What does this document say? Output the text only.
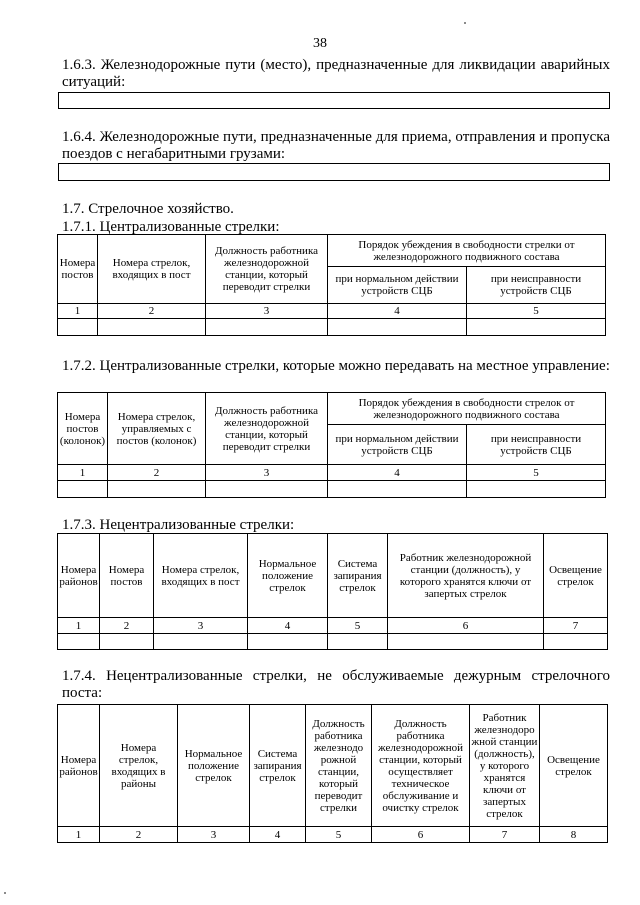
38
1.6.3. Железнодорожные пути (место), предназначенные для ликвидации аварийных ситуаций:
1.6.4. Железнодорожные пути, предназначенные для приема, отправления и пропуска поездов с негабаритными грузами:
1.7. Стрелочное хозяйство.
1.7.1. Централизованные стрелки:
Номера постов	Номера стрелок, входящих в пост	Должность работника железнодорожной станции, который переводит стрелки	Порядок убеждения в свободности стрелки от железнодорожного подвижного состава	
			при нормальном действии устройств СЦБ	при неисправности устройств СЦБ
1	2	3	4	5

1.7.2. Централизованные стрелки, которые можно передавать на местное управление:
Номера постов (колонок)	Номера стрелок, управляемых с постов (колонок)	Должность работника железнодорожной станции, который переводит стрелки	Порядок убеждения в свободности стрелок от железнодорожного подвижного состава	
			при нормальном действии устройств СЦБ	при неисправности устройств СЦБ
1	2	3	4	5

1.7.3. Нецентрализованные стрелки:
Номера районов	Номера постов	Номера стрелок, входящих в пост	Нормальное положение стрелок	Система запирания стрелок	Работник железнодорожной станции (должность), у которого хранятся ключи от запертых стрелок	Освещение стрелок
1	2	3	4	5	6	7

1.7.4. Нецентрализованные стрелки, не обслуживаемые дежурным стрелочного поста:
Номера районов	Номера стрелок, входящих в районы	Нормальное положение стрелок	Система запирания стрелок	Должность работника железнодо рожной станции, который переводит стрелки	Должность работника железнодорожной станции, который осуществляет техническое обслуживание и очистку стрелок	Работник железнодоро жной станции (должность), у которого хранятся ключи от запертых стрелок	Освещение стрелок
1	2	3	4	5	6	7	8
